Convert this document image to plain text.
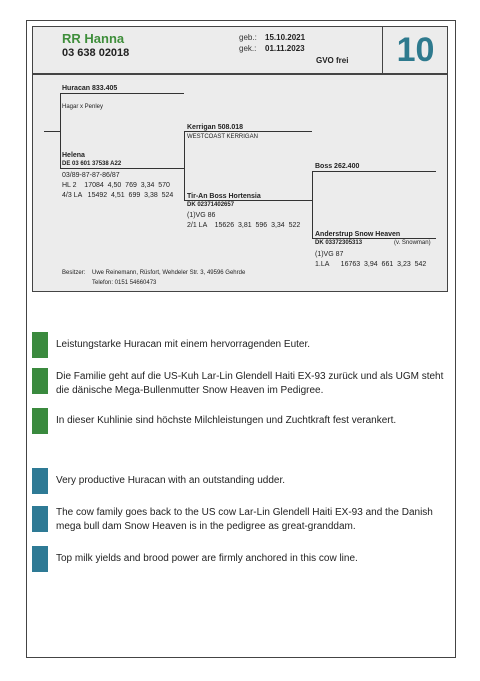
10
RR Hanna
03 638 02018
geb.: 15.10.2021
gek.: 01.11.2023
GVO frei
Huracan 833.405
Hagar x Penley
Helena
DE 03 601 37538 A22
03/89-87-87-86/87
HL 2    17084  4,50  769  3,34  570
4/3 LA   15492  4,51  699  3,38  524
Kerrigan 508.018
WESTCOAST KERRIGAN
Tir-An Boss Hortensia
DK 02371402657
(1)VG 86
2/1 LA    15626  3,81  596  3,34  522
Boss 262.400
Anderstrup Snow Heaven
DK 03372305313	(v. Snowman)
(1)VG 87
1.LA      16763  3,94  661  3,23  542
Besitzer: Uwe Reinemann, Rüsfort, Wehdeler Str. 3, 49596 Gehrde
Telefon: 0151 54660473
Leistungstarke Huracan mit einem hervorragenden Euter.
Die Familie geht auf die US-Kuh Lar-Lin Glendell Haiti EX-93 zurück und als UGM steht die dänische Mega-Bullenmutter Snow Heaven im Pedigree.
In dieser Kuhlinie sind höchste Milchleistungen und Zuchtkraft fest verankert.
Very productive Huracan with an outstanding udder.
The cow family goes back to the US cow Lar-Lin Glendell Haiti EX-93 and the Danish mega bull dam Snow Heaven is in the pedigree as great-granddam.
Top milk yields and brood power are firmly anchored in this cow line.
